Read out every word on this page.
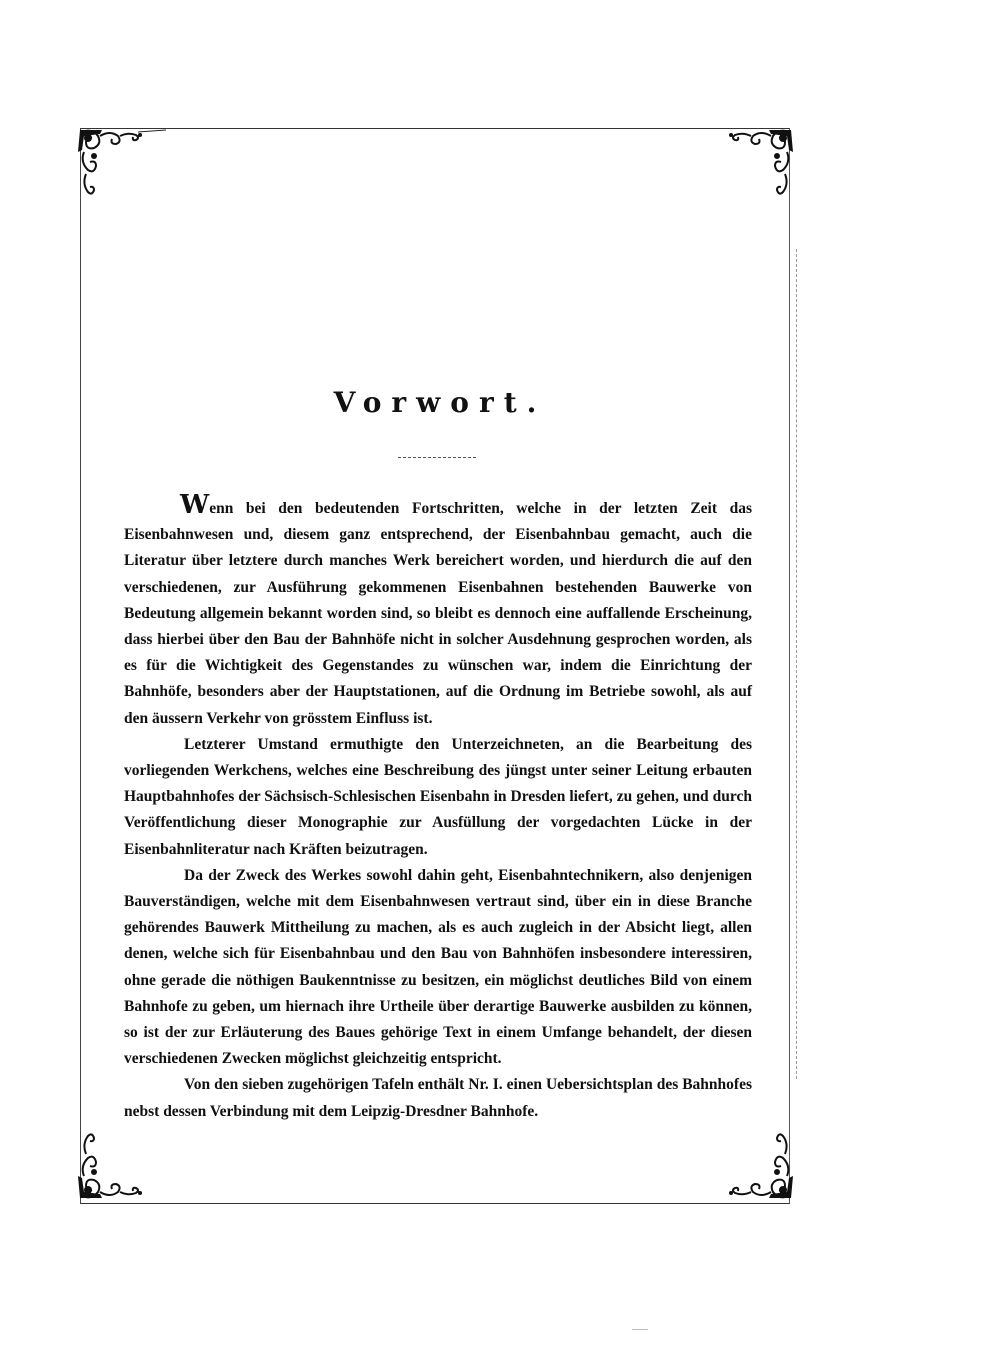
Vorwort.

Wenn bei den bedeutenden Fortschritten, welche in der letzten Zeit das Eisenbahnwesen und, diesem ganz entsprechend, der Eisenbahnbau gemacht, auch die Literatur über letztere durch manches Werk bereichert worden, und hierdurch die auf den verschiedenen, zur Ausführung gekommenen Eisenbahnen bestehenden Bauwerke von Bedeutung allgemein bekannt worden sind, so bleibt es dennoch eine auffallende Erscheinung, dass hierbei über den Bau der Bahnhöfe nicht in solcher Ausdehnung gesprochen worden, als es für die Wichtigkeit des Gegenstandes zu wünschen war, indem die Einrichtung der Bahnhöfe, besonders aber der Hauptstationen, auf die Ordnung im Betriebe sowohl, als auf den äussern Verkehr von grösstem Einfluss ist.

Letzterer Umstand ermuthigte den Unterzeichneten, an die Bearbeitung des vorliegenden Werkchens, welches eine Beschreibung des jüngst unter seiner Leitung erbauten Hauptbahnhofes der Sächsisch-Schlesischen Eisenbahn in Dresden liefert, zu gehen, und durch Veröffentlichung dieser Monographie zur Ausfüllung der vorgedachten Lücke in der Eisenbahnliteratur nach Kräften beizutragen.

Da der Zweck des Werkes sowohl dahin geht, Eisenbahntechnikern, also denjenigen Bauverständigen, welche mit dem Eisenbahnwesen vertraut sind, über ein in diese Branche gehörendes Bauwerk Mittheilung zu machen, als es auch zugleich in der Absicht liegt, allen denen, welche sich für Eisenbahnbau und den Bau von Bahnhöfen insbesondere interessiren, ohne gerade die nöthigen Baukenntnisse zu besitzen, ein möglichst deutliches Bild von einem Bahnhofe zu geben, um hiernach ihre Urtheile über derartige Bauwerke ausbilden zu können, so ist der zur Erläuterung des Baues gehörige Text in einem Umfange behandelt, der diesen verschiedenen Zwecken möglichst gleichzeitig entspricht.

Von den sieben zugehörigen Tafeln enthält Nr. I. einen Uebersichtsplan des Bahnhofes nebst dessen Verbindung mit dem Leipzig-Dresdner Bahnhofe.
